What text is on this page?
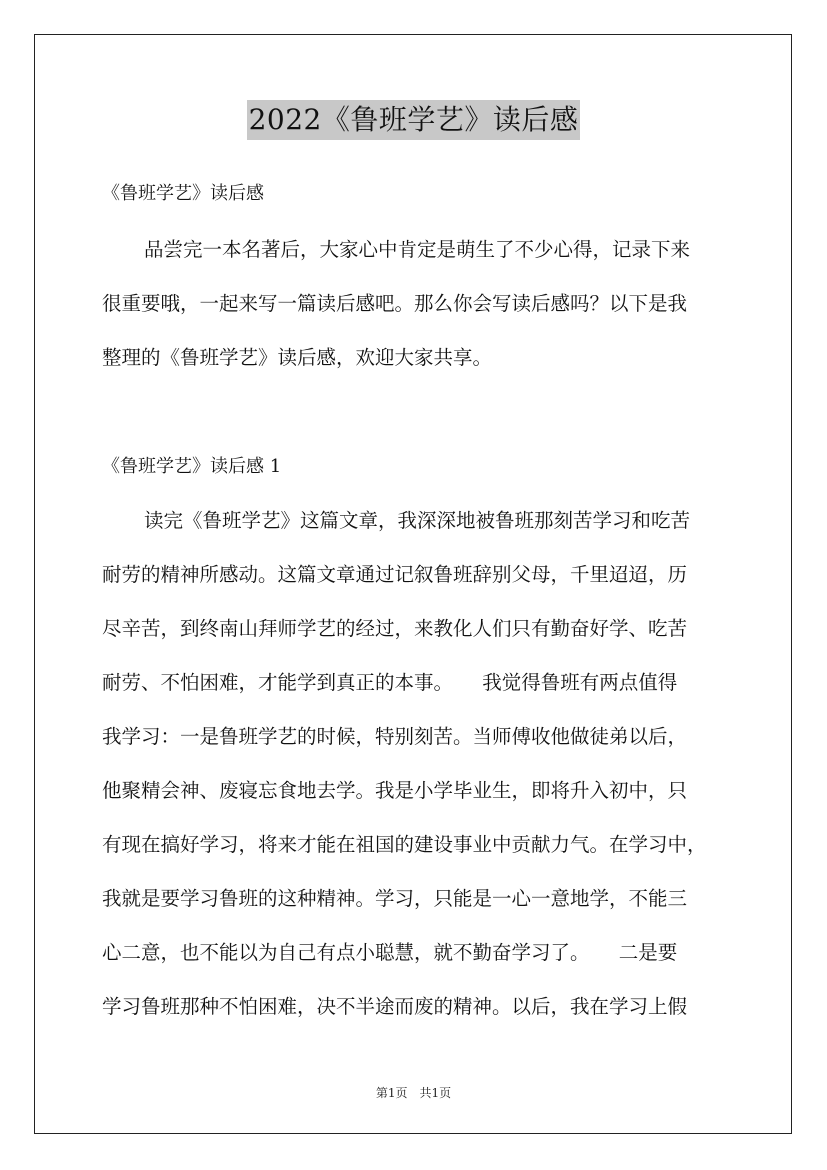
2022《鲁班学艺》读后感
《鲁班学艺》读后感
品尝完一本名著后，大家心中肯定是萌生了不少心得，记录下来
很重要哦，一起来写一篇读后感吧。那么你会写读后感吗？以下是我
整理的《鲁班学艺》读后感，欢迎大家共享。
《鲁班学艺》读后感 1
读完《鲁班学艺》这篇文章，我深深地被鲁班那刻苦学习和吃苦
耐劳的精神所感动。这篇文章通过记叙鲁班辞别父母，千里迢迢，历
尽辛苦，到终南山拜师学艺的经过，来教化人们只有勤奋好学、吃苦
耐劳、不怕困难，才能学到真正的本事。　　我觉得鲁班有两点值得
我学习：一是鲁班学艺的时候，特别刻苦。当师傅收他做徒弟以后，
他聚精会神、废寝忘食地去学。我是小学毕业生，即将升入初中，只
有现在搞好学习，将来才能在祖国的建设事业中贡献力气。在学习中，
我就是要学习鲁班的这种精神。学习，只能是一心一意地学，不能三
心二意，也不能以为自己有点小聪慧，就不勤奋学习了。　　二是要
学习鲁班那种不怕困难，决不半途而废的精神。以后，我在学习上假
第1页　共1页
